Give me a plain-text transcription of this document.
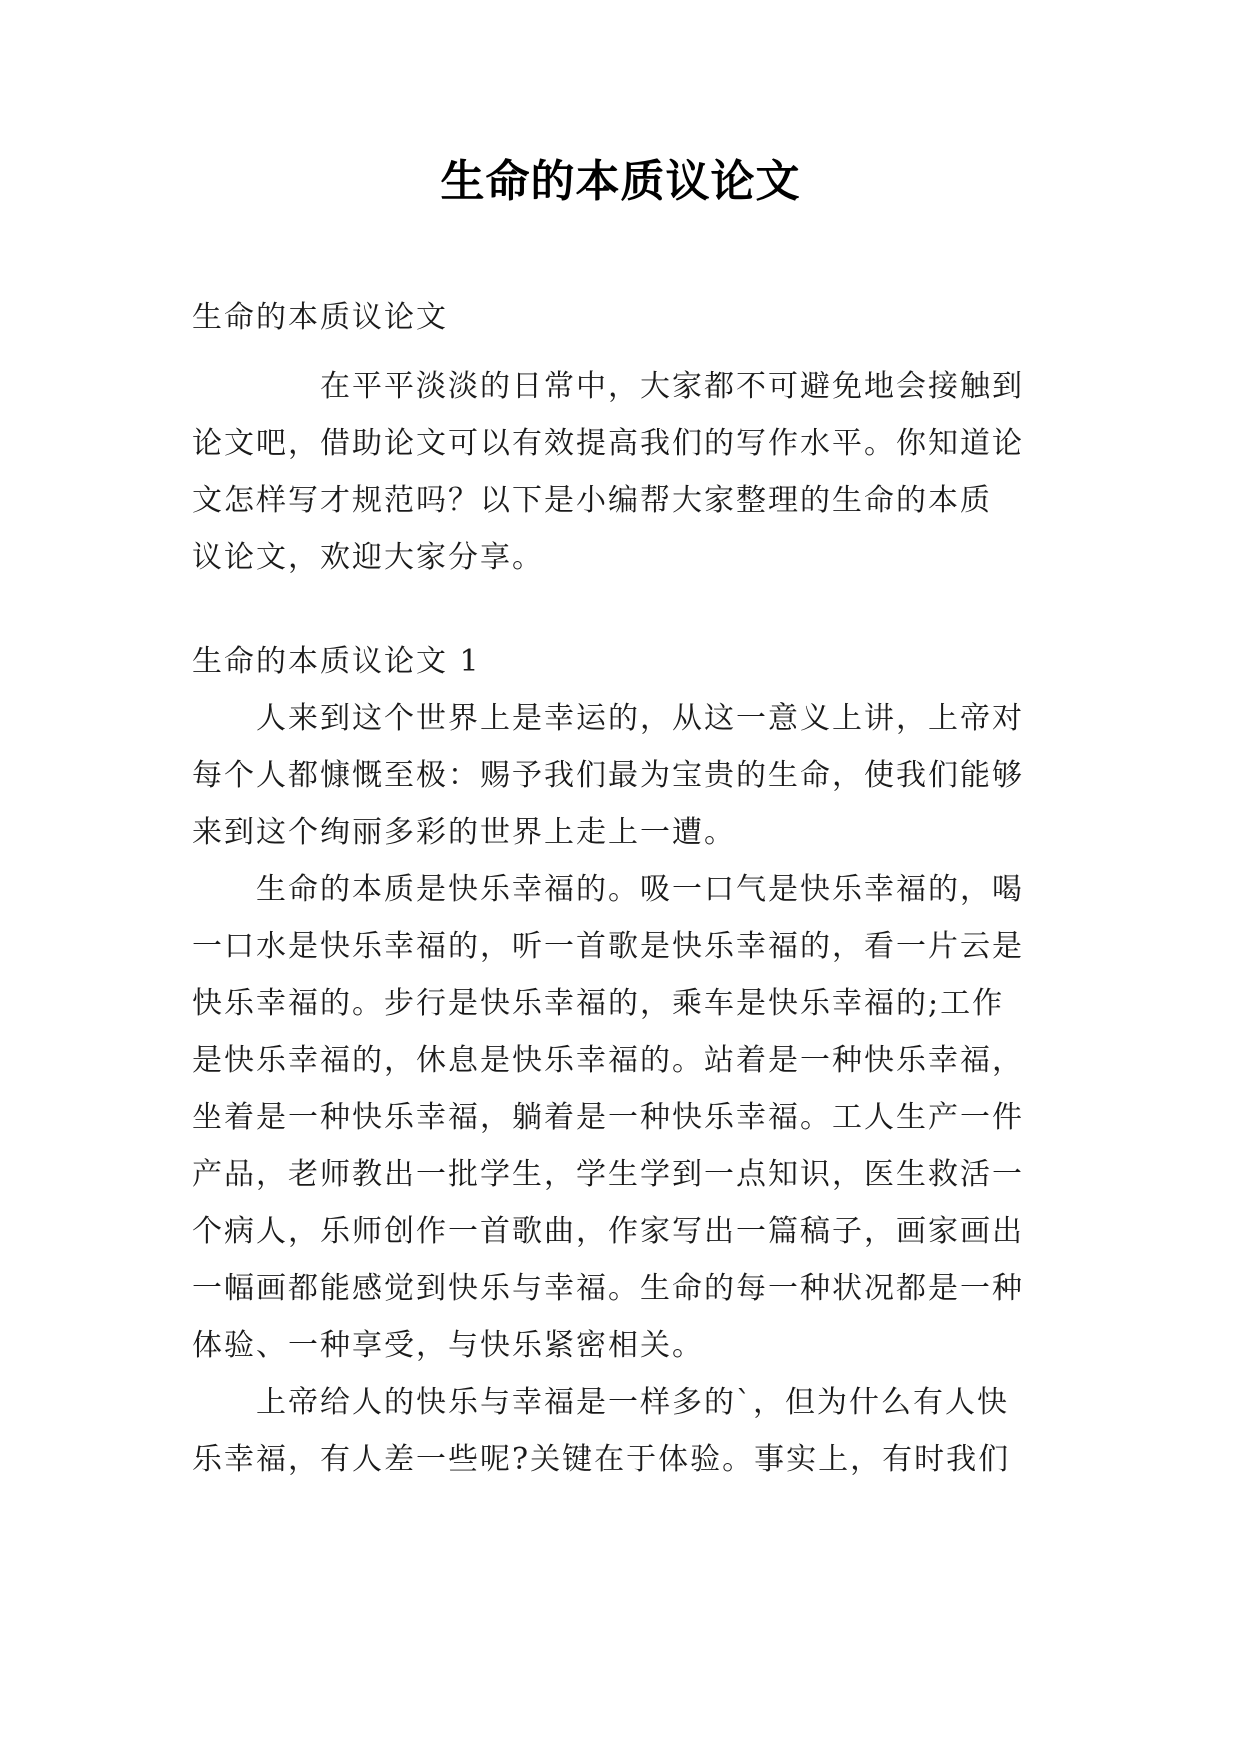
生命的本质议论文
生命的本质议论文
在平平淡淡的日常中，大家都不可避免地会接触到
论文吧，借助论文可以有效提高我们的写作水平。你知道论
文怎样写才规范吗？以下是小编帮大家整理的生命的本质
议论文，欢迎大家分享。
生命的本质议论文 1
人来到这个世界上是幸运的，从这一意义上讲，上帝对
每个人都慷慨至极：赐予我们最为宝贵的生命，使我们能够
来到这个绚丽多彩的世界上走上一遭。
生命的本质是快乐幸福的。吸一口气是快乐幸福的，喝
一口水是快乐幸福的，听一首歌是快乐幸福的，看一片云是
快乐幸福的。步行是快乐幸福的，乘车是快乐幸福的;工作
是快乐幸福的，休息是快乐幸福的。站着是一种快乐幸福，
坐着是一种快乐幸福，躺着是一种快乐幸福。工人生产一件
产品，老师教出一批学生，学生学到一点知识，医生救活一
个病人，乐师创作一首歌曲，作家写出一篇稿子，画家画出
一幅画都能感觉到快乐与幸福。生命的每一种状况都是一种
体验、一种享受，与快乐紧密相关。
上帝给人的快乐与幸福是一样多的`，但为什么有人快
乐幸福，有人差一些呢?关键在于体验。事实上，有时我们
